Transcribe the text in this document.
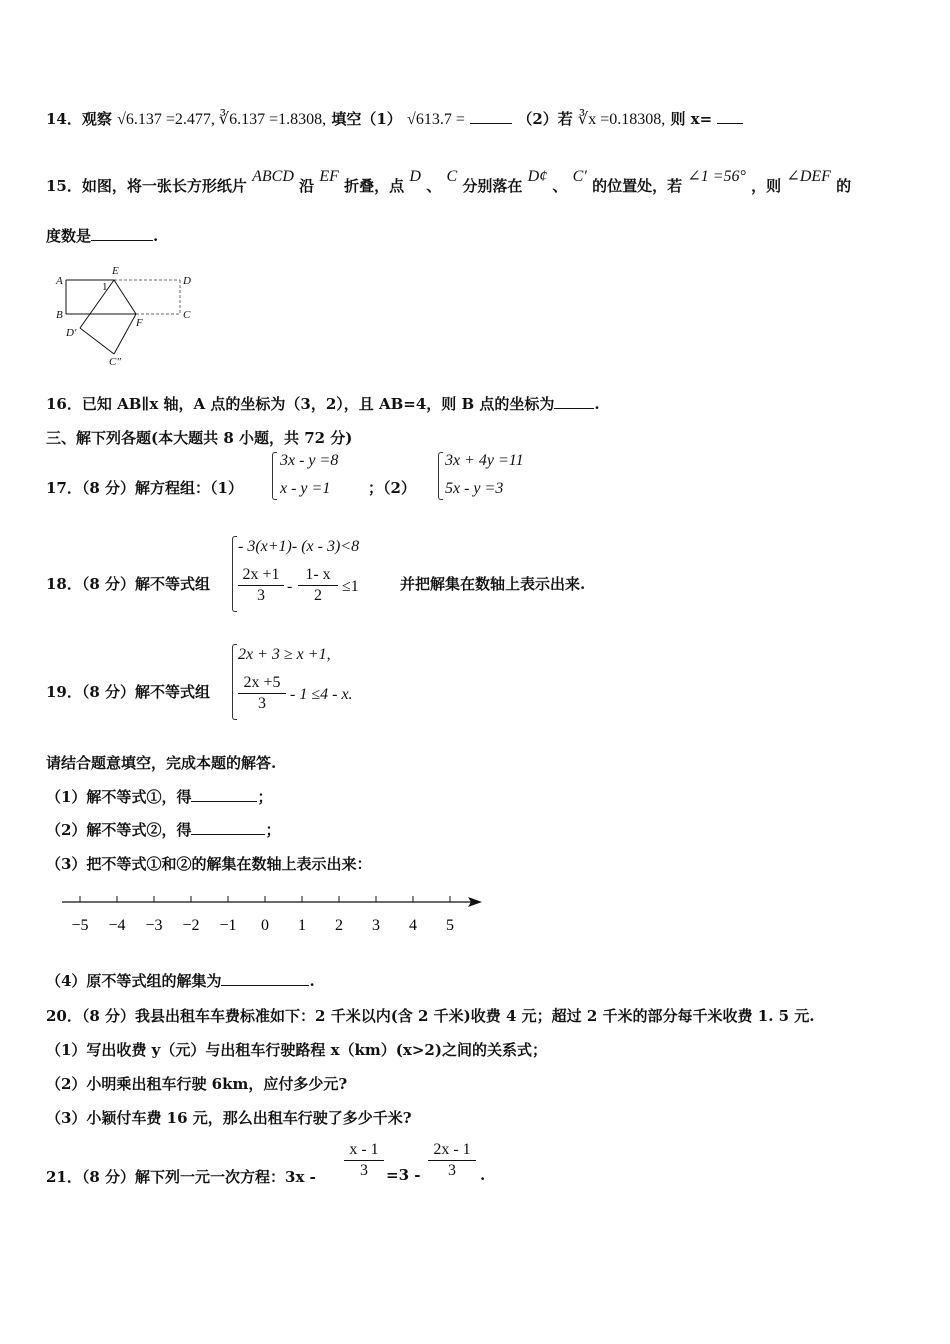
14．观察 √6.137 =2.477, ∛6.137 =1.8308, 填空（1） √613.7 =	（2）若 ∛x =0.18308, 则 x=
15．如图，将一张长方形纸片 ABCD 沿 EF 折叠，点 D 、 C 分别落在 D¢ 、 C′ 的位置处，若 ∠1 =56° ，则 ∠DEF 的
度数是	.
A
B
D
C
E
F
D′
C″
1
16．已知 AB∥x 轴，A 点的坐标为（3，2），且 AB=4，则 B 点的坐标为	.
三、解下列各题(本大题共 8 小题，共 72 分)
17．（8 分）解方程组：（1）
3x - y =8
x - y =1	；（2）
3x + 4y =11
5x - y =3
18．（8 分）解不等式组
- 3(x+1)- (x - 3)<8
2x +1
3
-
1- x
2
≤1	并把解集在数轴上表示出来.
19．（8 分）解不等式组
2x + 3 ≥ x +1,
2x +5
3
- 1 ≤4 - x.
请结合题意填空，完成本题的解答.
（1）解不等式①，得	；
（2）解不等式②，得	；
（3）把不等式①和②的解集在数轴上表示出来：
−5 −4 −3 −2 −1 0 1 2 3 4 5
（4）原不等式组的解集为	.
20．（8 分）我县出租车车费标准如下：2 千米以内(含 2 千米)收费 4 元；超过 2 千米的部分每千米收费 1. 5 元.
（1）写出收费 y（元）与出租车行驶路程 x（km）(x>2)之间的关系式；
（2）小明乘出租车行驶 6km，应付多少元?
（3）小颖付车费 16 元，那么出租车行驶了多少千米?
21．（8 分）解下列一元一次方程：3x -
x - 1
3	=3 -
2x - 1
3	.
